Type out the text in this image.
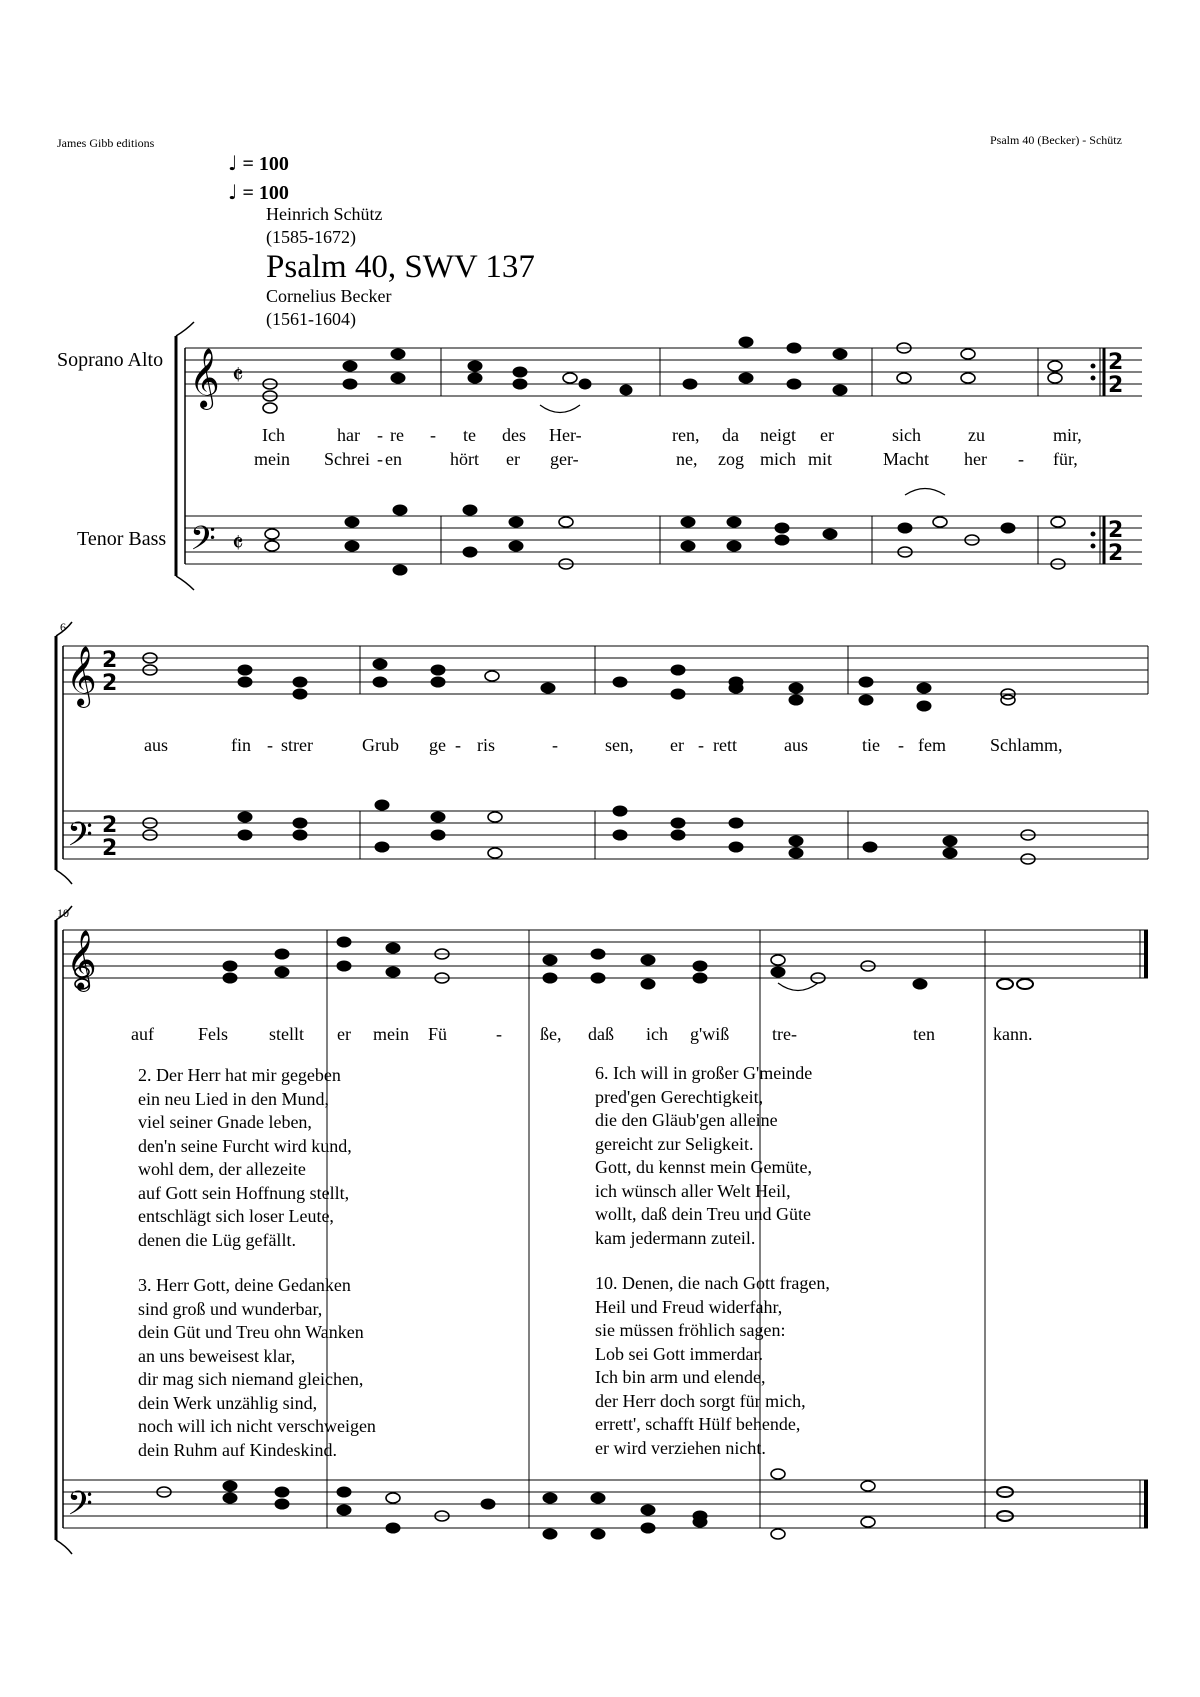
James Gibb editions	Psalm 40 (Becker) - Schütz
♩ = 100
♩ = 100
Heinrich Schütz
(1585-1672)
Psalm 40, SWV 137
Cornelius Becker
(1561-1604)
Soprano Alto
Tenor Bass
6
10
𝄞
𝄢
𝄵
𝄵
𝄞
𝄢
𝄞
𝄢
2
2
2
2
2
2
2
2
Ich	har - re - te des Her-	ren, da neigt er	sich	zu	mir,
mein Schrei - en	hört er ger-	ne, zog mich mit	Macht her - für,
aus	fin - strer	Grub ge - ris	-	sen, er - rett	aus	tie - fem Schlamm,
auf Fels stellt er mein Fü	- ße, daß ich g'wiß tre-	ten	kann.
2. Der Herr hat mir gegeben
ein neu Lied in den Mund,
viel seiner Gnade leben,
den'n seine Furcht wird kund,
wohl dem, der allezeite
auf Gott sein Hoffnung stellt,
entschlägt sich loser Leute,
denen die Lüg gefällt.
3. Herr Gott, deine Gedanken
sind groß und wunderbar,
dein Güt und Treu ohn Wanken
an uns beweisest klar,
dir mag sich niemand gleichen,
dein Werk unzählig sind,
noch will ich nicht verschweigen
dein Ruhm auf Kindeskind.
6. Ich will in großer G'meinde
pred'gen Gerechtigkeit,
die den Gläub'gen alleine
gereicht zur Seligkeit.
Gott, du kennst mein Gemüte,
ich wünsch aller Welt Heil,
wollt, daß dein Treu und Güte
kam jedermann zuteil.
10. Denen, die nach Gott fragen,
Heil und Freud widerfahr,
sie müssen fröhlich sagen:
Lob sei Gott immerdar.
Ich bin arm und elende,
der Herr doch sorgt für mich,
errett', schafft Hülf behende,
er wird verziehen nicht.
